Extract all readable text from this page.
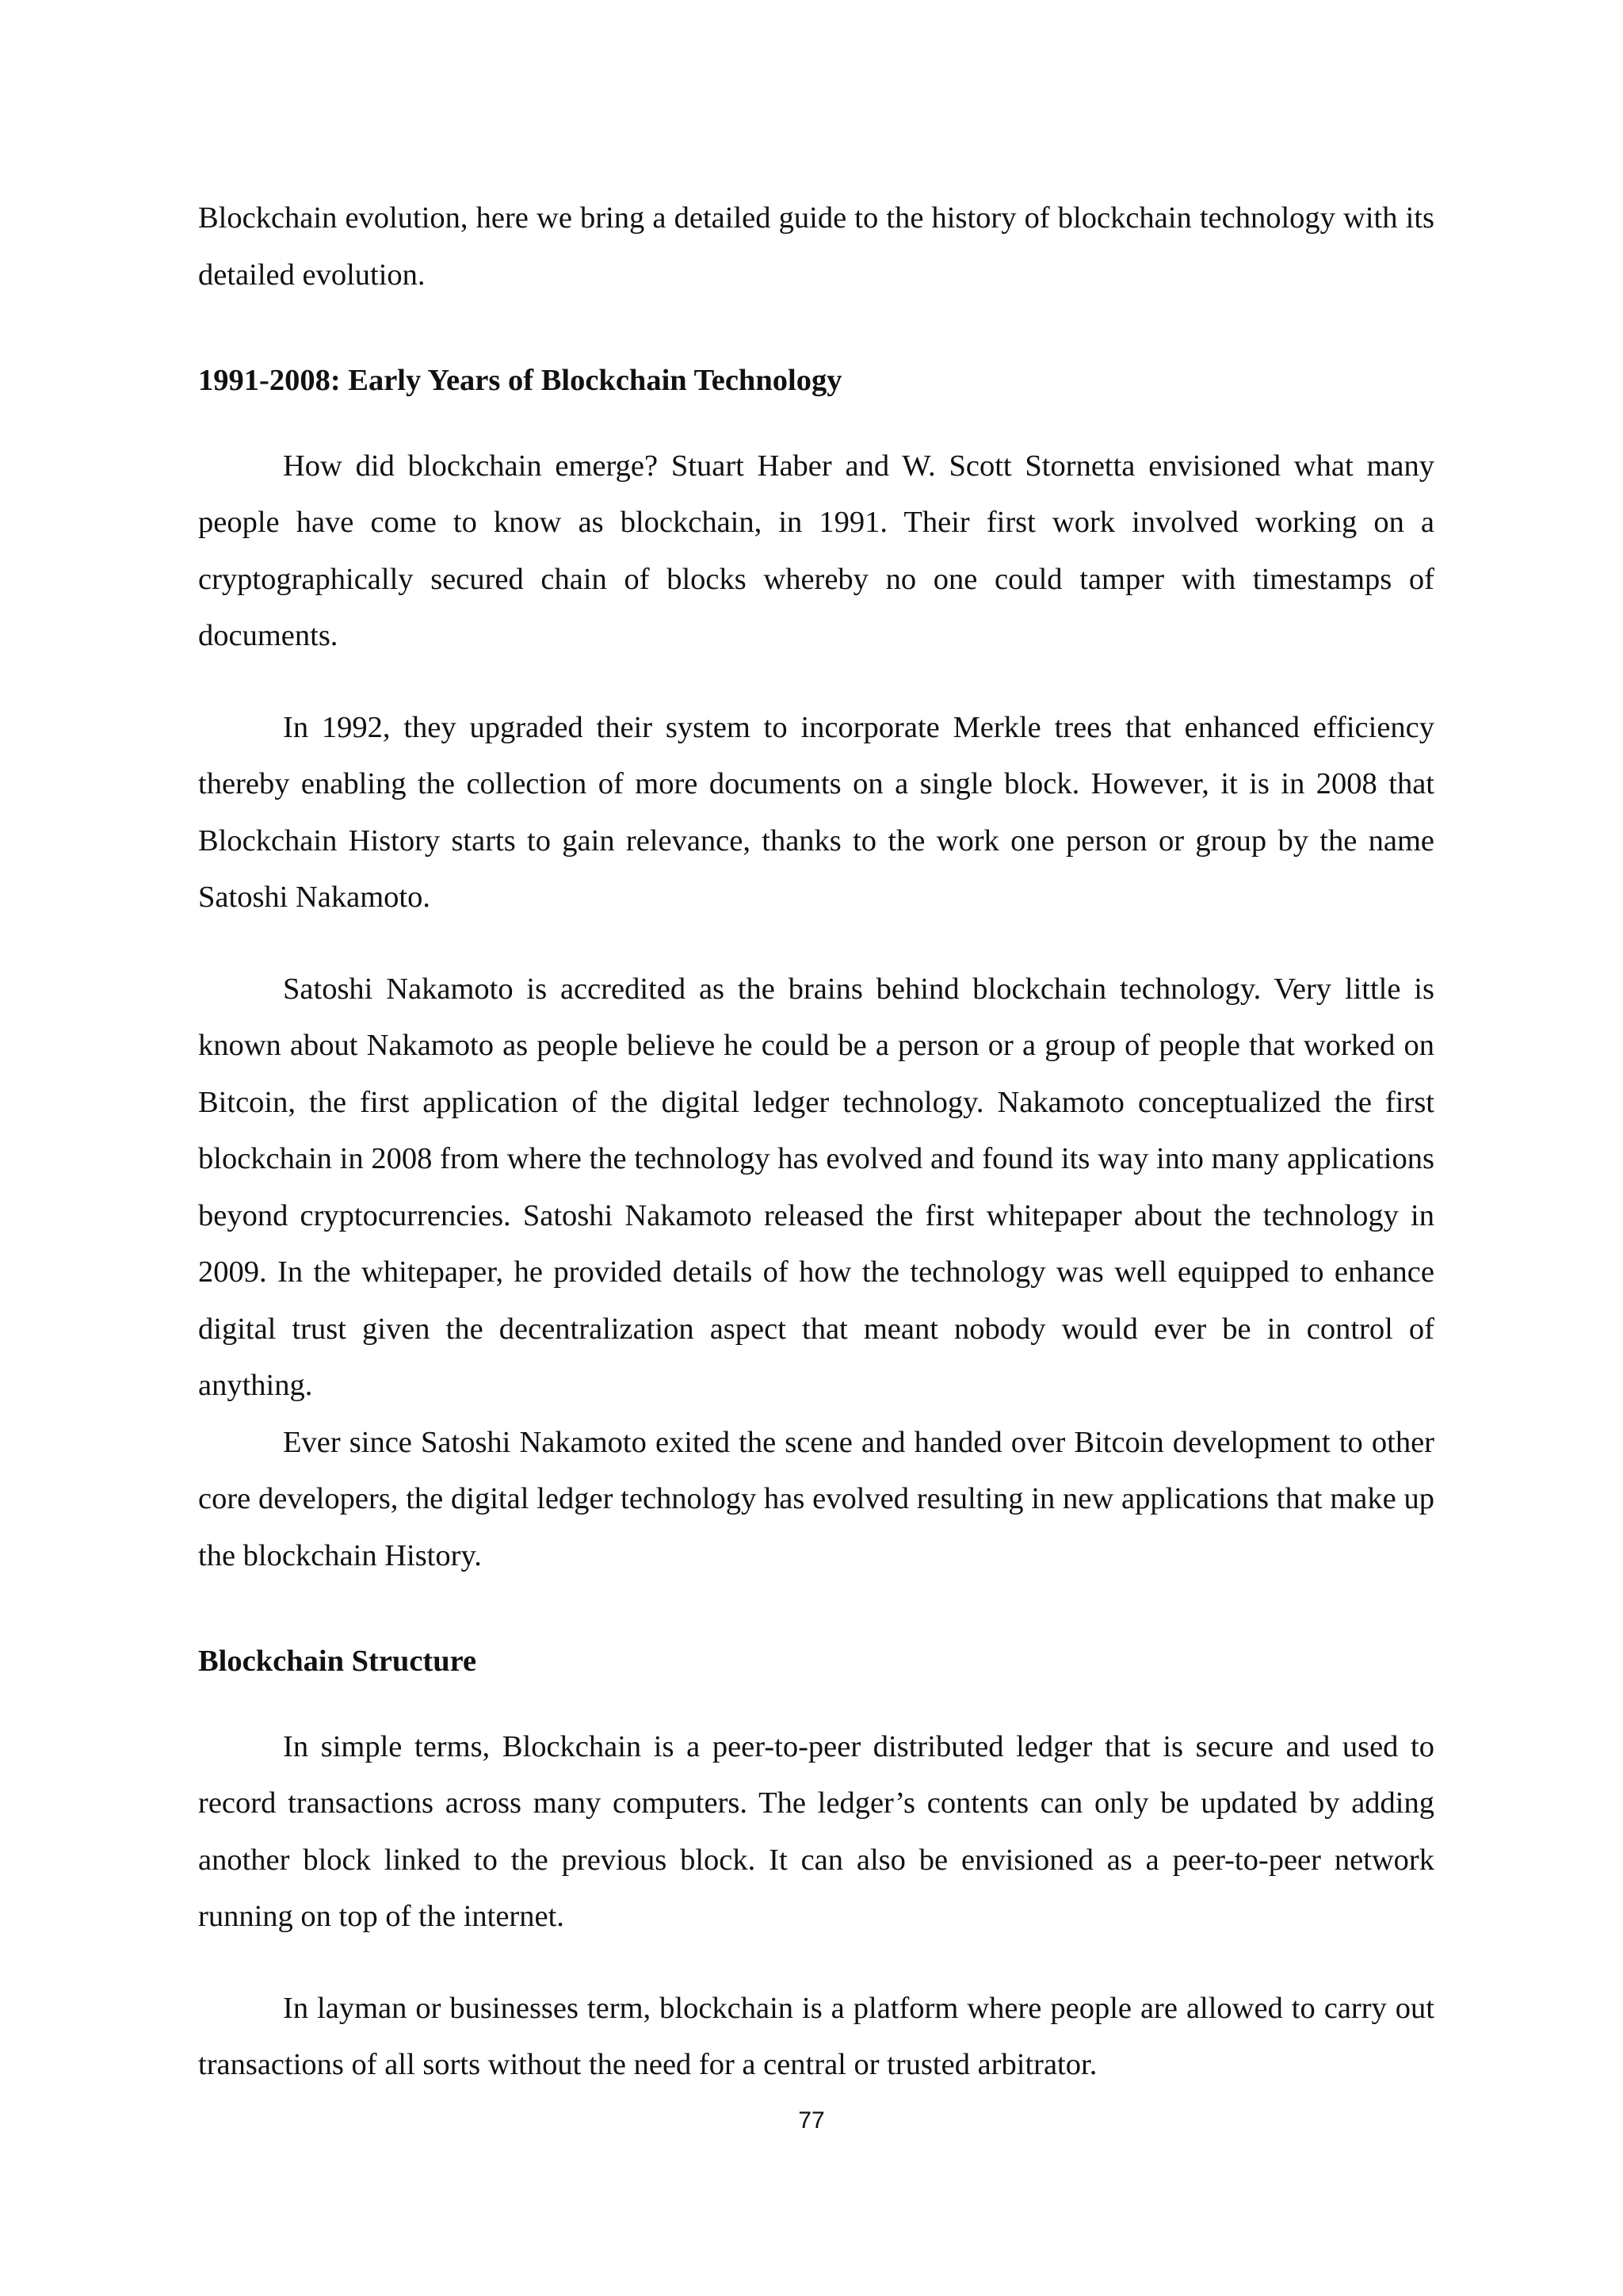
Blockchain evolution, here we bring a detailed guide to the history of blockchain technology with its detailed evolution.

1991-2008: Early Years of Blockchain Technology

How did blockchain emerge? Stuart Haber and W. Scott Stornetta envisioned what many people have come to know as blockchain, in 1991. Their first work involved working on a cryptographically secured chain of blocks whereby no one could tamper with timestamps of documents.

In 1992, they upgraded their system to incorporate Merkle trees that enhanced efficiency thereby enabling the collection of more documents on a single block. However, it is in 2008 that Blockchain History starts to gain relevance, thanks to the work one person or group by the name Satoshi Nakamoto.

Satoshi Nakamoto is accredited as the brains behind blockchain technology. Very little is known about Nakamoto as people believe he could be a person or a group of people that worked on Bitcoin, the first application of the digital ledger technology. Nakamoto conceptualized the first blockchain in 2008 from where the technology has evolved and found its way into many applications beyond cryptocurrencies. Satoshi Nakamoto released the first whitepaper about the technology in 2009. In the whitepaper, he provided details of how the technology was well equipped to enhance digital trust given the decentralization aspect that meant nobody would ever be in control of anything.

Ever since Satoshi Nakamoto exited the scene and handed over Bitcoin development to other core developers, the digital ledger technology has evolved resulting in new applications that make up the blockchain History.

Blockchain Structure

In simple terms, Blockchain is a peer-to-peer distributed ledger that is secure and used to record transactions across many computers. The ledger’s contents can only be updated by adding another block linked to the previous block. It can also be envisioned as a peer-to-peer network running on top of the internet.

In layman or businesses term, blockchain is a platform where people are allowed to carry out transactions of all sorts without the need for a central or trusted arbitrator.

77
